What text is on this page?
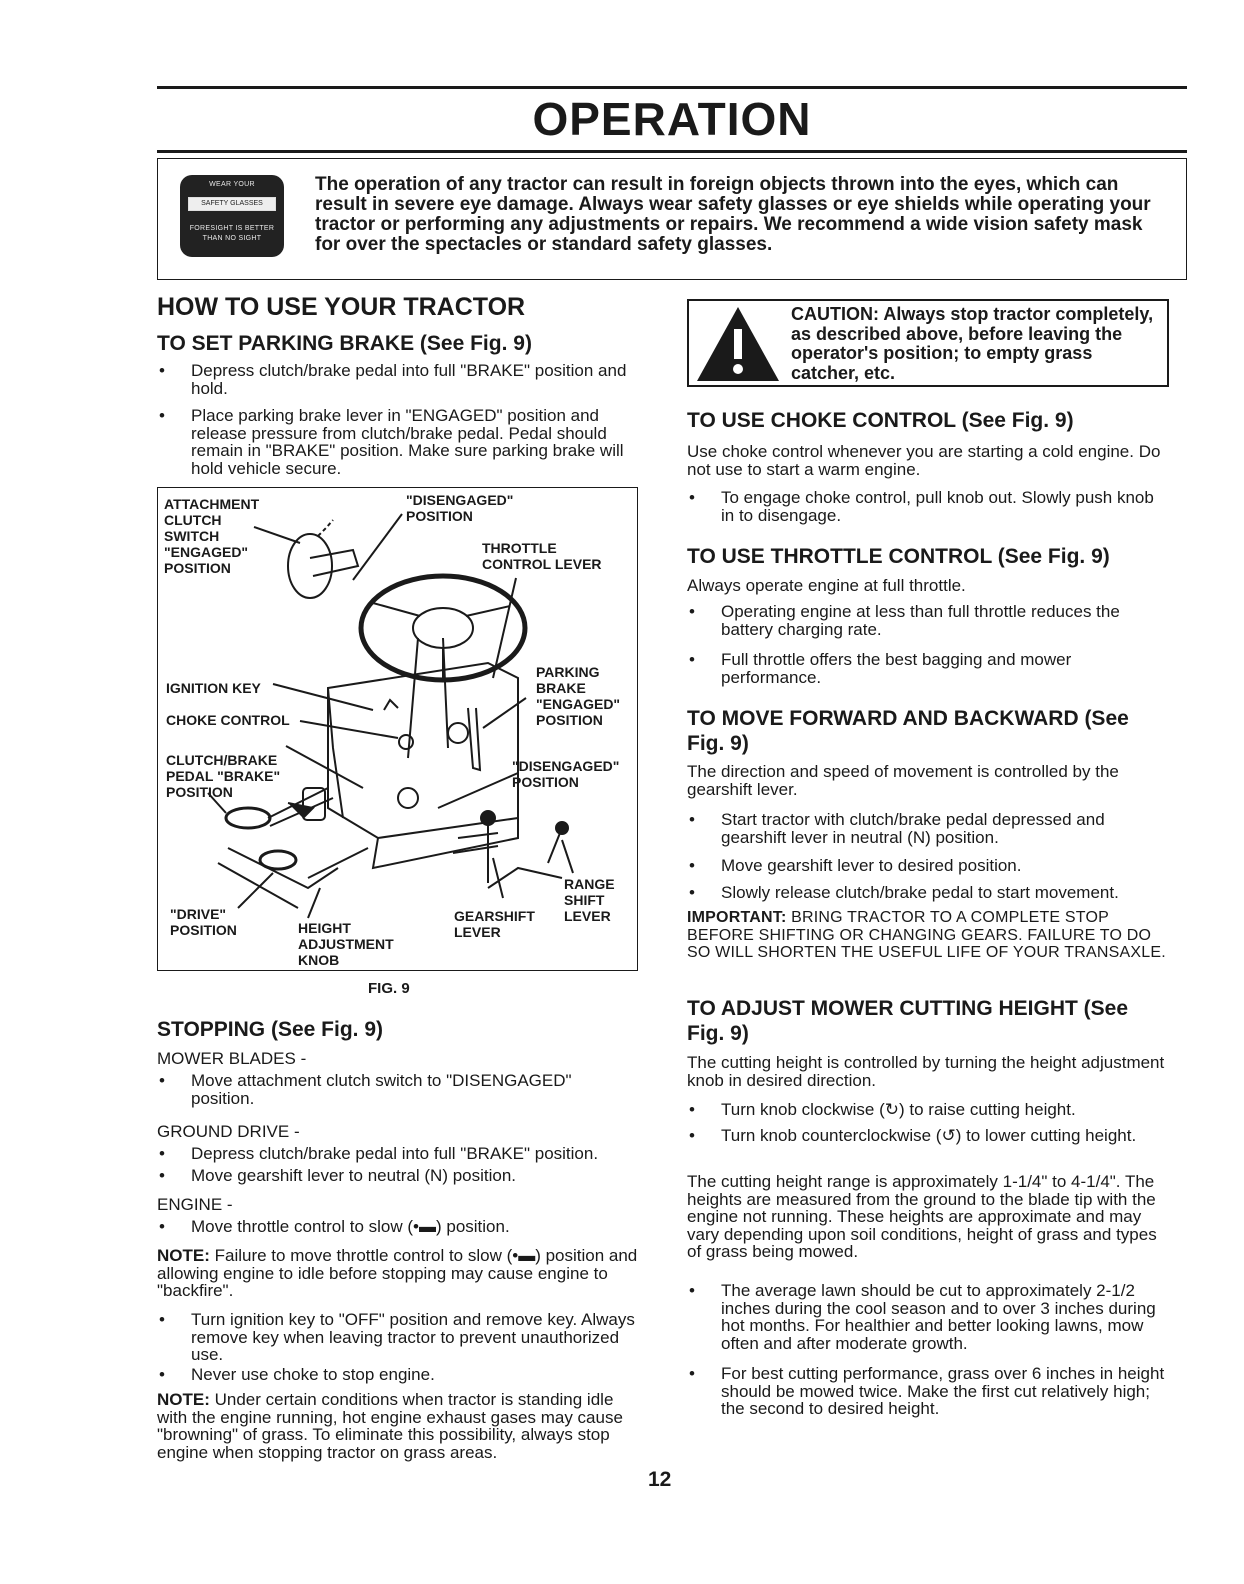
OPERATION
WEAR YOUR
SAFETY GLASSES
FORESIGHT IS BETTER
THAN NO SIGHT
The operation of any tractor can result in foreign objects thrown into the eyes, which can result in severe eye damage. Always wear safety glasses or eye shields while operating your tractor or performing any adjustments or repairs. We recommend a wide vision safety mask for over the spectacles or standard safety glasses.
HOW TO USE YOUR TRACTOR
TO SET PARKING BRAKE (See Fig. 9)
• Depress clutch/brake pedal into full "BRAKE" position and hold.
• Place parking brake lever in "ENGAGED" position and release pressure from clutch/brake pedal. Pedal should remain in "BRAKE" position. Make sure parking brake will hold vehicle secure.
ATTACHMENT
CLUTCH
SWITCH
"ENGAGED"
POSITION
"DISENGAGED"
POSITION
THROTTLE
CONTROL LEVER
IGNITION KEY
CHOKE CONTROL
PARKING
BRAKE
"ENGAGED"
POSITION
CLUTCH/BRAKE
PEDAL "BRAKE"
POSITION
"DISENGAGED"
POSITION
RANGE
SHIFT
LEVER
"DRIVE"
POSITION	HEIGHT
ADJUSTMENT
KNOB
GEARSHIFT
LEVER
FIG. 9
STOPPING (See Fig. 9)
MOWER BLADES -
• Move attachment clutch switch to "DISENGAGED" position.
GROUND DRIVE -
• Depress clutch/brake pedal into full "BRAKE" position.
• Move gearshift lever to neutral (N) position.
ENGINE -
• Move throttle control to slow (•▬) position.
NOTE: Failure to move throttle control to slow (•▬) position and allowing engine to idle before stopping may cause engine to "backfire".
• Turn ignition key to "OFF" position and remove key. Always remove key when leaving tractor to prevent unauthorized use.
• Never use choke to stop engine.
NOTE: Under certain conditions when tractor is standing idle with the engine running, hot engine exhaust gases may cause "browning" of grass. To eliminate this possibility, always stop engine when stopping tractor on grass areas.
CAUTION: Always stop tractor completely, as described above, before leaving the operator's position; to empty grass catcher, etc.
TO USE CHOKE CONTROL (See Fig. 9)
Use choke control whenever you are starting a cold engine. Do not use to start a warm engine.
• To engage choke control, pull knob out. Slowly push knob in to disengage.
TO USE THROTTLE CONTROL (See Fig. 9)
Always operate engine at full throttle.
• Operating engine at less than full throttle reduces the battery charging rate.
• Full throttle offers the best bagging and mower performance.
TO MOVE FORWARD AND BACKWARD (See Fig. 9)
The direction and speed of movement is controlled by the gearshift lever.
• Start tractor with clutch/brake pedal depressed and gearshift lever in neutral (N) position.
• Move gearshift lever to desired position.
• Slowly release clutch/brake pedal to start movement.
IMPORTANT: BRING TRACTOR TO A COMPLETE STOP BEFORE SHIFTING OR CHANGING GEARS. FAILURE TO DO SO WILL SHORTEN THE USEFUL LIFE OF YOUR TRANSAXLE.
TO ADJUST MOWER CUTTING HEIGHT (See Fig. 9)
The cutting height is controlled by turning the height adjustment knob in desired direction.
• Turn knob clockwise (↻) to raise cutting height.
• Turn knob counterclockwise (↺) to lower cutting height.
The cutting height range is approximately 1-1/4" to 4-1/4". The heights are measured from the ground to the blade tip with the engine not running. These heights are approximate and may vary depending upon soil conditions, height of grass and types of grass being mowed.
• The average lawn should be cut to approximately 2-1/2 inches during the cool season and to over 3 inches during hot months. For healthier and better looking lawns, mow often and after moderate growth.
• For best cutting performance, grass over 6 inches in height should be mowed twice. Make the first cut relatively high; the second to desired height.
12
